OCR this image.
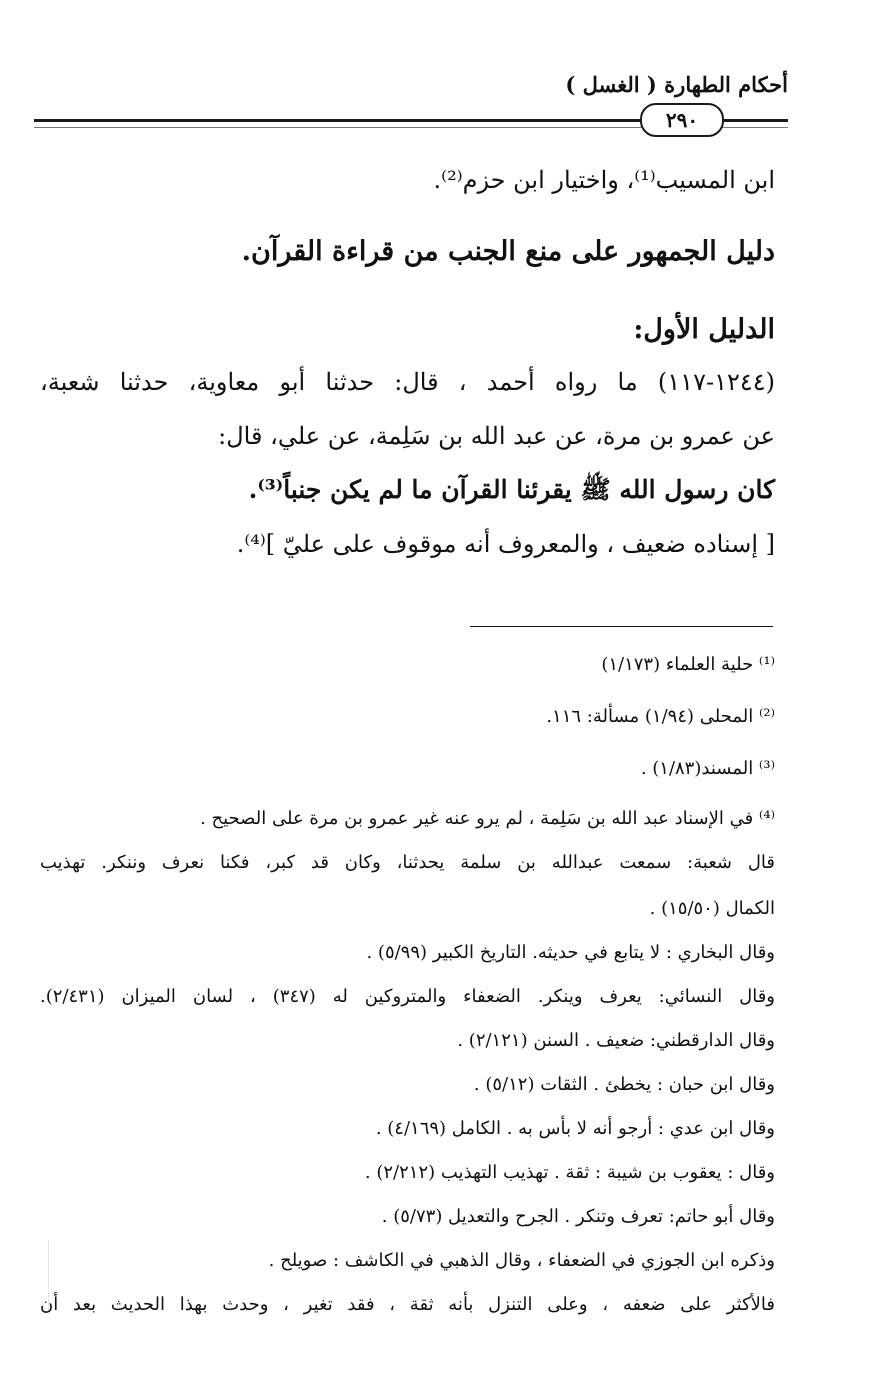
أحكام الطهارة ( الغسل )
٢٩٠
ابن المسيب⁽¹⁾، واختيار ابن حزم⁽²⁾.
دليل الجمهور على منع الجنب من قراءة القرآن.
الدليل الأول:
(١٢٤٤-١١٧) ما رواه أحمد ، قال: حدثنا أبو معاوية، حدثنا شعبة،
عن عمرو بن مرة، عن عبد الله بن سَلِمة، عن علي، قال:
كان رسول الله ﷺ يقرئنا القرآن ما لم يكن جنباً⁽³⁾.
[ إسناده ضعيف ، والمعروف أنه موقوف على عليّ ]⁽⁴⁾.
⁽¹⁾ حلية العلماء (١/١٧٣)
⁽²⁾ المحلى (١/٩٤) مسألة: ١١٦.
⁽³⁾ المسند(١/٨٣) .
⁽⁴⁾ في الإسناد عبد الله بن سَلِمة ، لم يرو عنه غير عمرو بن مرة على الصحيح .
قال شعبة: سمعت عبدالله بن سلمة يحدثنا، وكان قد كبر، فكنا نعرف وننكر. تهذيب
الكمال (١٥/٥٠) .
وقال البخاري : لا يتابع في حديثه. التاريخ الكبير (٥/٩٩) .
وقال النسائي: يعرف وينكر. الضعفاء والمتروكين له (٣٤٧) ، لسان الميزان (٢/٤٣١).
وقال الدارقطني: ضعيف . السنن (٢/١٢١) .
وقال ابن حبان : يخطئ . الثقات (٥/١٢) .
وقال ابن عدي : أرجو أنه لا بأس به . الكامل (٤/١٦٩) .
وقال : يعقوب بن شيبة : ثقة . تهذيب التهذيب (٢/٢١٢) .
وقال أبو حاتم: تعرف وتنكر . الجرح والتعديل (٥/٧٣) .
وذكره ابن الجوزي في الضعفاء ، وقال الذهبي في الكاشف : صويلح .
فالأكثر على ضعفه ، وعلى التنزل بأنه ثقة ، فقد تغير ، وحدث بهذا الحديث بعد أن
